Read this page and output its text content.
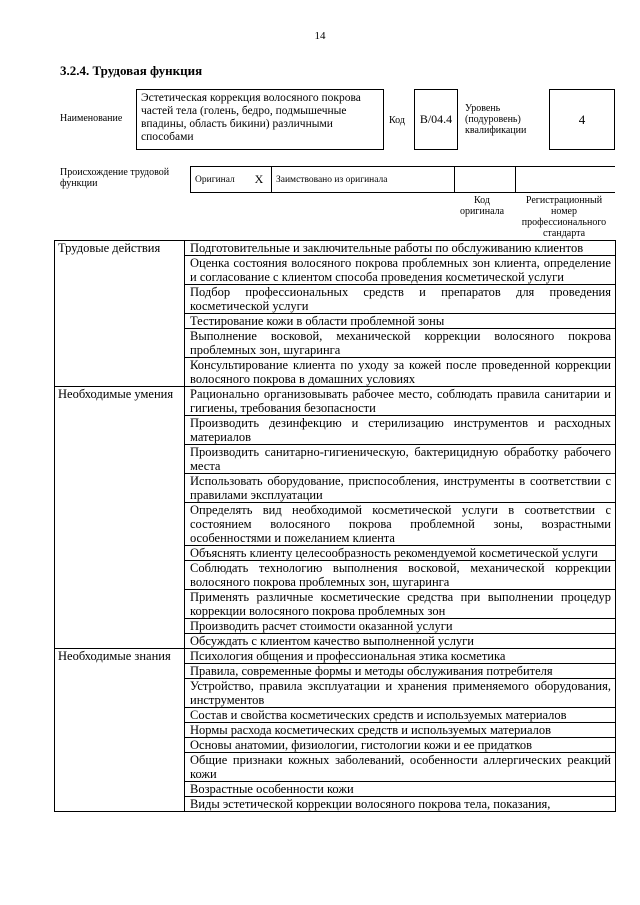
14
3.2.4. Трудовая функция
Наименование
Эстетическая коррекция волосяного покрова частей тела (голень, бедро, подмышечные впадины, область бикини) различными способами
Код	B/04.4
Уровень (подуровень) квалификации
4
Происхождение трудовой функции	Оригинал	X	Заимствовано из оригинала
Код оригинала
Регистрационный номер профессионального стандарта
Трудовые действия	Подготовительные и заключительные работы по обслуживанию клиентов
	Оценка состояния волосяного покрова проблемных зон клиента, определение и согласование с клиентом способа проведения косметической услуги
	Подбор профессиональных средств и препаратов для проведения косметической услуги
	Тестирование кожи в области проблемной зоны
	Выполнение восковой, механической коррекции волосяного покрова проблемных зон, шугаринга
	Консультирование клиента по уходу за кожей после проведенной коррекции волосяного покрова в домашних условиях
Необходимые умения	Рационально организовывать рабочее место, соблюдать правила санитарии и гигиены, требования безопасности
	Производить дезинфекцию и стерилизацию инструментов и расходных материалов
	Производить санитарно-гигиеническую, бактерицидную обработку рабочего места
	Использовать оборудование, приспособления, инструменты в соответствии с правилами эксплуатации
	Определять вид необходимой косметической услуги в соответствии с состоянием волосяного покрова проблемной зоны, возрастными особенностями и пожеланием клиента
	Объяснять клиенту целесообразность рекомендуемой косметической услуги
	Соблюдать технологию выполнения восковой, механической коррекции волосяного покрова проблемных зон, шугаринга
	Применять различные косметические средства при выполнении процедур коррекции волосяного покрова проблемных зон
	Производить расчет стоимости оказанной услуги
	Обсуждать с клиентом качество выполненной услуги
Необходимые знания	Психология общения и профессиональная этика косметика
	Правила, современные формы и методы обслуживания потребителя
	Устройство, правила эксплуатации и хранения применяемого оборудования, инструментов
	Состав и свойства косметических средств и используемых материалов
	Нормы расхода косметических средств и используемых материалов
	Основы анатомии, физиологии, гистологии кожи и ее придатков
	Общие признаки кожных заболеваний, особенности аллергических реакций кожи
	Возрастные особенности кожи
	Виды эстетической коррекции волосяного покрова тела, показания,
